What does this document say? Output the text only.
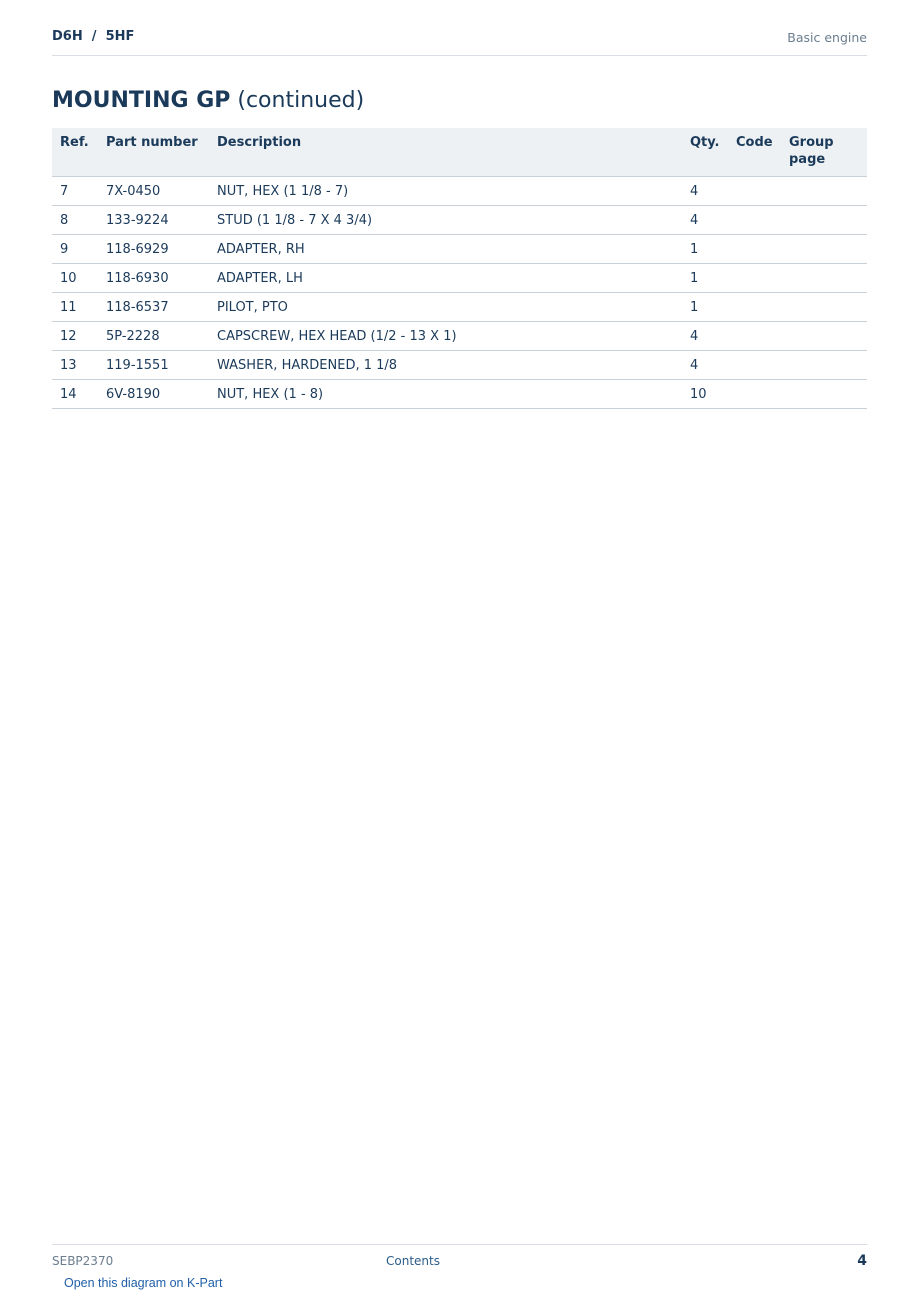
D6H  /  5HF	Basic engine
MOUNTING GP (continued)
Ref.	Part number	Description	Qty.	Code	Group page
7	7X-0450	NUT, HEX (1 1/8 - 7)	4		
8	133-9224	STUD (1 1/8 - 7 X 4 3/4)	4		
9	118-6929	ADAPTER, RH	1		
10	118-6930	ADAPTER, LH	1		
11	118-6537	PILOT, PTO	1		
12	5P-2228	CAPSCREW, HEX HEAD (1/2 - 13 X 1)	4		
13	119-1551	WASHER, HARDENED, 1 1/8	4		
14	6V-8190	NUT, HEX (1 - 8)	10		
SEBP2370	Contents	4
Open this diagram on K-Part
